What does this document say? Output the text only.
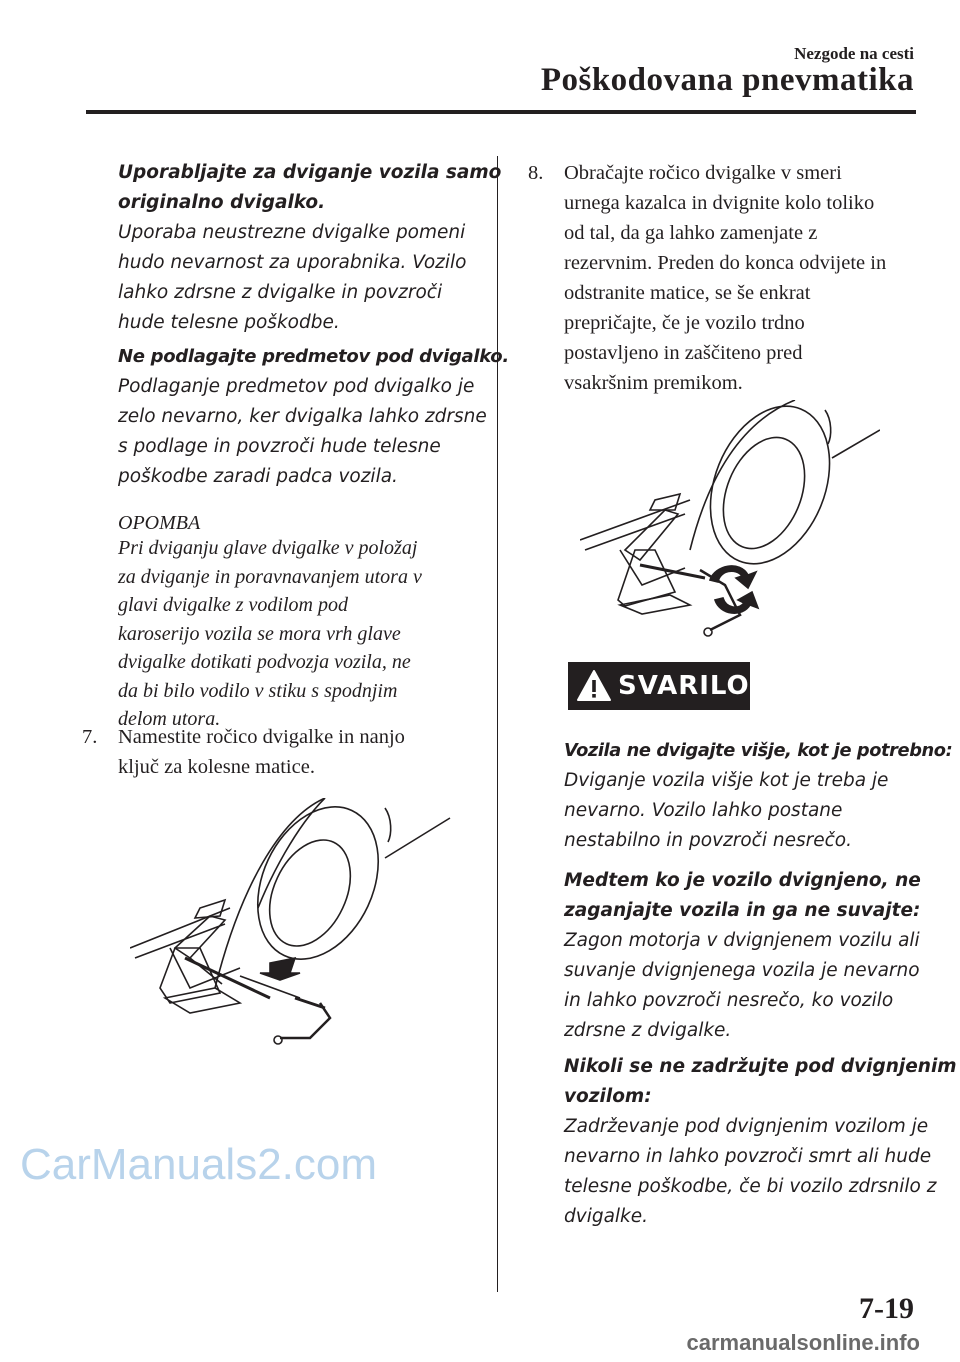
Nezgode na cesti
Poškodovana pnevmatika
Uporabljajte za dviganje vozila samo
originalno dvigalko.
Uporaba neustrezne dvigalke pomeni
hudo nevarnost za uporabnika. Vozilo
lahko zdrsne z dvigalke in povzroči
hude telesne poškodbe.
Ne podlagajte predmetov pod dvigalko.
Podlaganje predmetov pod dvigalko je
zelo nevarno, ker dvigalka lahko zdrsne
s podlage in povzroči hude telesne
poškodbe zaradi padca vozila.
OPOMBA
Pri dviganju glave dvigalke v položaj
za dviganje in poravnavanjem utora v
glavi dvigalke z vodilom pod
karoserijo vozila se mora vrh glave
dvigalke dotikati podvozja vozila, ne
da bi bilo vodilo v stiku s spodnjim
delom utora.
7. Namestite ročico dvigalke in nanjo
ključ za kolesne matice.
8. Obračajte ročico dvigalke v smeri
urnega kazalca in dvignite kolo toliko
od tal, da ga lahko zamenjate z
rezervnim. Preden do konca odvijete in
odstranite matice, se še enkrat
prepričajte, če je vozilo trdno
postavljeno in zaščiteno pred
vsakršnim premikom.
SVARILO
Vozila ne dvigajte višje, kot je potrebno:
Dviganje vozila višje kot je treba je
nevarno. Vozilo lahko postane
nestabilno in povzroči nesrečo.
Medtem ko je vozilo dvignjeno, ne
zaganjajte vozila in ga ne suvajte:
Zagon motorja v dvignjenem vozilu ali
suvanje dvignjenega vozila je nevarno
in lahko povzroči nesrečo, ko vozilo
zdrsne z dvigalke.
Nikoli se ne zadržujte pod dvignjenim
vozilom:
Zadrževanje pod dvignjenim vozilom je
nevarno in lahko povzroči smrt ali hude
telesne poškodbe, če bi vozilo zdrsnilo z
dvigalke.
CarManuals2.com
7-19
carmanualsonline.info
